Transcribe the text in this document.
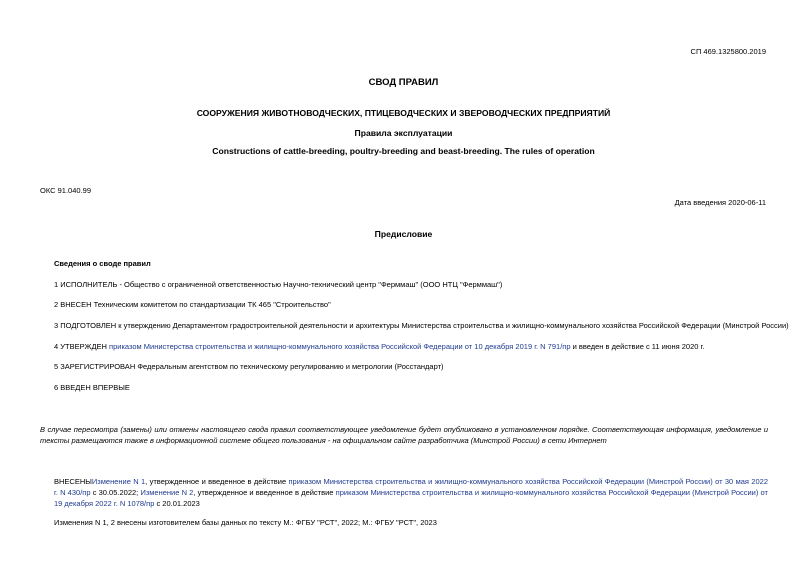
СП 469.1325800.2019
СВОД ПРАВИЛ
СООРУЖЕНИЯ ЖИВОТНОВОДЧЕСКИХ, ПТИЦЕВОДЧЕСКИХ И ЗВЕРОВОДЧЕСКИХ ПРЕДПРИЯТИЙ
Правила эксплуатации
Constructions of cattle-breeding, poultry-breeding and beast-breeding. The rules of operation
ОКС 91.040.99
Дата введения 2020-06-11
Предисловие
Сведения о своде правил
1 ИСПОЛНИТЕЛЬ - Общество с ограниченной ответственностью Научно-технический центр "Ферммаш" (ООО НТЦ "Ферммаш")
2 ВНЕСЕН Техническим комитетом по стандартизации ТК 465 "Строительство"
3 ПОДГОТОВЛЕН к утверждению Департаментом градостроительной деятельности и архитектуры Министерства строительства и жилищно-коммунального хозяйства Российской Федерации (Минстрой России)
4 УТВЕРЖДЕН приказом Министерства строительства и жилищно-коммунального хозяйства Российской Федерации от 10 декабря 2019 г. N 791/пр и введен в действие с 11 июня 2020 г.
5 ЗАРЕГИСТРИРОВАН Федеральным агентством по техническому регулированию и метрологии (Росстандарт)
6 ВВЕДЕН ВПЕРВЫЕ
В случае пересмотра (замены) или отмены настоящего свода правил соответствующее уведомление будет опубликовано в установленном порядке. Соответствующая информация, уведомление и тексты размещаются также в информационной системе общего пользования - на официальном сайте разработчика (Минстрой России) в сети Интернет
ВНЕСЕНЫИзменение N 1, утвержденное и введенное в действие приказом Министерства строительства и жилищно-коммунального хозяйства Российской Федерации (Минстрой России) от 30 мая 2022 г. N 430/пр с 30.05.2022; Изменение N 2, утвержденное и введенное в действие приказом Министерства строительства и жилищно-коммунального хозяйства Российской Федерации (Минстрой России) от 19 декабря 2022 г. N 1078/пр с 20.01.2023
Изменения N 1, 2 внесены изготовителем базы данных по тексту М.: ФГБУ "РСТ", 2022; М.: ФГБУ "РСТ", 2023
